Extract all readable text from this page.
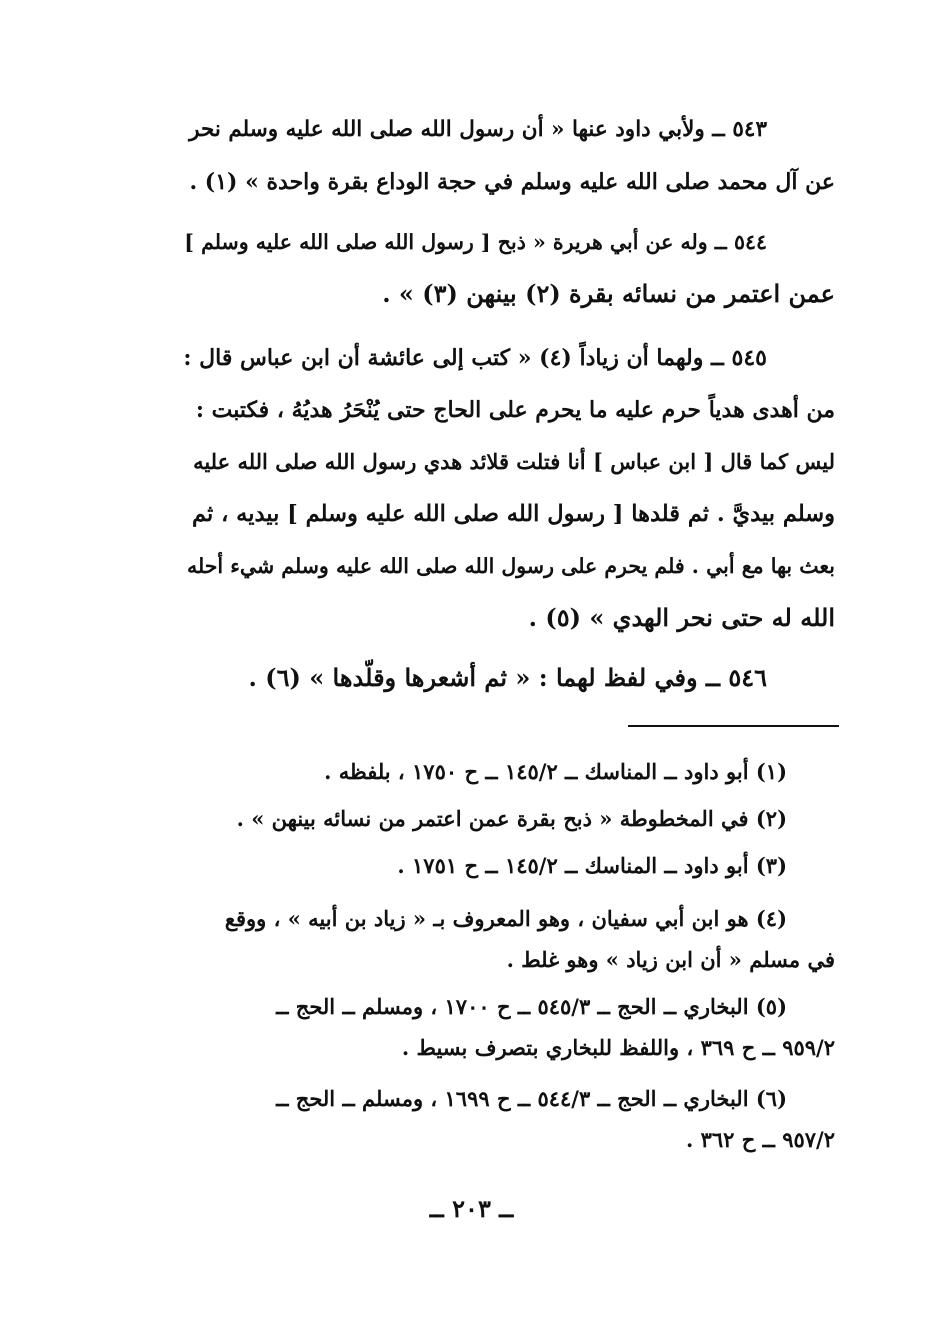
٥٤٣ ــ ولأبي داود عنها « أن رسول الله صلى الله عليه وسلم نحر
عن آل محمد صلى الله عليه وسلم في حجة الوداع بقرة واحدة » (١) .
٥٤٤ ــ وله عن أبي هريرة « ذبح [ رسول الله صلى الله عليه وسلم ]
عمن اعتمر من نسائه بقرة (٢) بينهن (٣) » .
٥٤٥ ــ ولهما أن زياداً (٤) « كتب إلى عائشة أن ابن عباس قال :
من أهدى هدياً حرم عليه ما يحرم على الحاج حتى يُنْحَرُ هديُهُ ، فكتبت :
ليس كما قال [ ابن عباس ] أنا فتلت قلائد هدي رسول الله صلى الله عليه
وسلم بيديَّ . ثم قلدها [ رسول الله صلى الله عليه وسلم ] بيديه ، ثم
بعث بها مع أبي . فلم يحرم على رسول الله صلى الله عليه وسلم شيء أحله
الله له حتى نحر الهدي » (٥) .
٥٤٦ ــ وفي لفظ لهما : « ثم أشعرها وقلّدها » (٦) .
(١) أبو داود ــ المناسك ــ ١٤٥/٢ ــ ح ١٧٥٠ ، بلفظه .
(٢) في المخطوطة « ذبح بقرة عمن اعتمر من نسائه بينهن » .
(٣) أبو داود ــ المناسك ــ ١٤٥/٢ ــ ح ١٧٥١ .
(٤) هو ابن أبي سفيان ، وهو المعروف بـ « زياد بن أبيه » ، ووقع
في مسلم « أن ابن زياد » وهو غلط .
(٥) البخاري ــ الحج ــ ٥٤٥/٣ ــ ح ١٧٠٠ ، ومسلم ــ الحج ــ
٩٥٩/٢ ــ ح ٣٦٩ ، واللفظ للبخاري بتصرف بسيط .
(٦) البخاري ــ الحج ــ ٥٤٤/٣ ــ ح ١٦٩٩ ، ومسلم ــ الحج ــ
٩٥٧/٢ ــ ح ٣٦٢ .
ــ ٢٠٣ ــ
